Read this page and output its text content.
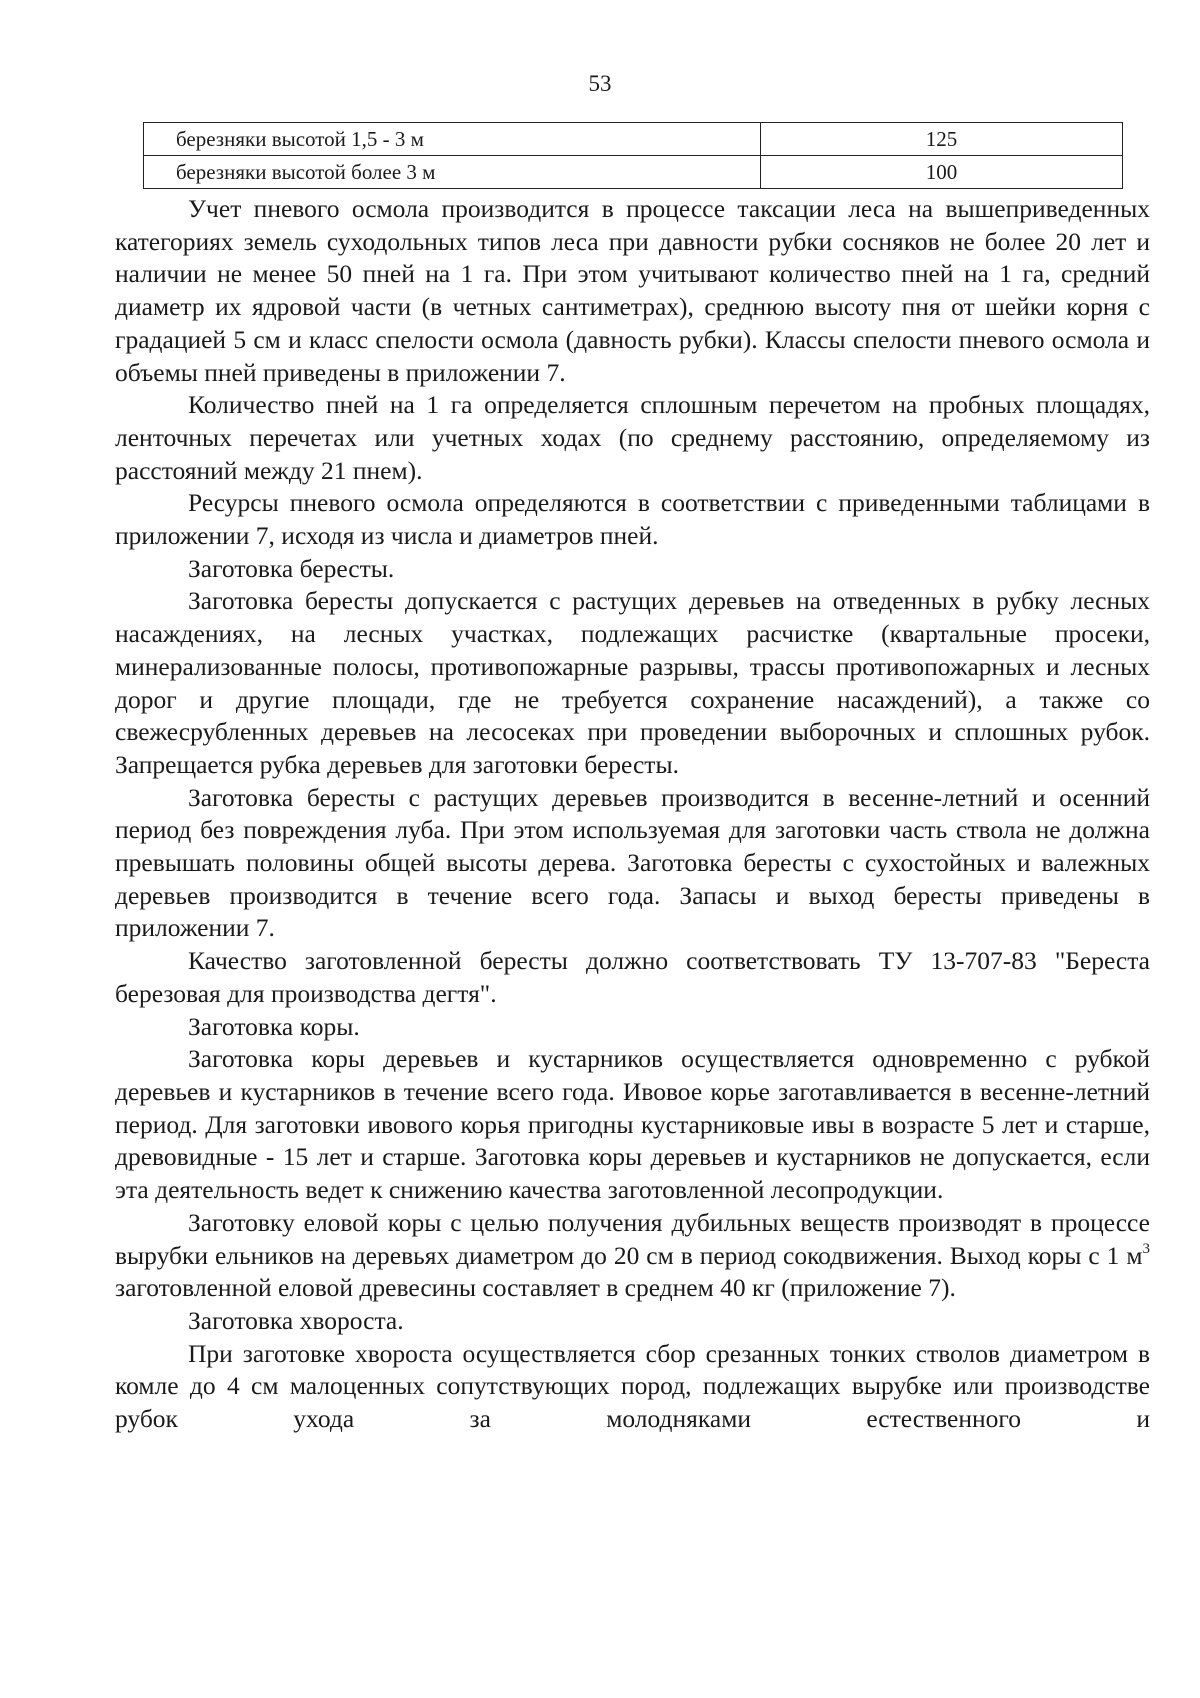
53
березняки высотой 1,5 - 3 м	125
березняки высотой более 3 м	100

Учет пневого осмола производится в процессе таксации леса на вышеприведенных категориях земель суходольных типов леса при давности рубки сосняков не более 20 лет и наличии не менее 50 пней на 1 га. При этом учитывают количество пней на 1 га, средний диаметр их ядровой части (в четных сантиметрах), среднюю высоту пня от шейки корня с градацией 5 см и класс спелости осмола (давность рубки). Классы спелости пневого осмола и объемы пней приведены в приложении 7.

Количество пней на 1 га определяется сплошным перечетом на пробных площадях, ленточных перечетах или учетных ходах (по среднему расстоянию, определяемому из расстояний между 21 пнем).

Ресурсы пневого осмола определяются в соответствии с приведенными таблицами в приложении 7, исходя из числа и диаметров пней.

Заготовка бересты.

Заготовка бересты допускается с растущих деревьев на отведенных в рубку лесных насаждениях, на лесных участках, подлежащих расчистке (квартальные просеки, минерализованные полосы, противопожарные разрывы, трассы противопожарных и лесных дорог и другие площади, где не требуется сохранение насаждений), а также со свежесрубленных деревьев на лесосеках при проведении выборочных и сплошных рубок. Запрещается рубка деревьев для заготовки бересты.

Заготовка бересты с растущих деревьев производится в весенне-летний и осенний период без повреждения луба. При этом используемая для заготовки часть ствола не должна превышать половины общей высоты дерева. Заготовка бересты с сухостойных и валежных деревьев производится в течение всего года. Запасы и выход бересты приведены в приложении 7.

Качество заготовленной бересты должно соответствовать ТУ 13-707-83 "Береста березовая для производства дегтя".

Заготовка коры.

Заготовка коры деревьев и кустарников осуществляется одновременно с рубкой деревьев и кустарников в течение всего года. Ивовое корье заготавливается в весенне-летний период. Для заготовки ивового корья пригодны кустарниковые ивы в возрасте 5 лет и старше, древовидные - 15 лет и старше. Заготовка коры деревьев и кустарников не допускается, если эта деятельность ведет к снижению качества заготовленной лесопродукции.

Заготовку еловой коры с целью получения дубильных веществ производят в процессе вырубки ельников на деревьях диаметром до 20 см в период сокодвижения. Выход коры с 1 $м^3$ заготовленной еловой древесины составляет в среднем 40 кг (приложение 7).

Заготовка хвороста.

При заготовке хвороста осуществляется сбор срезанных тонких стволов диаметром в комле до 4 см малоценных сопутствующих пород, подлежащих вырубке или производстве рубок ухода за молодняками естественного и
